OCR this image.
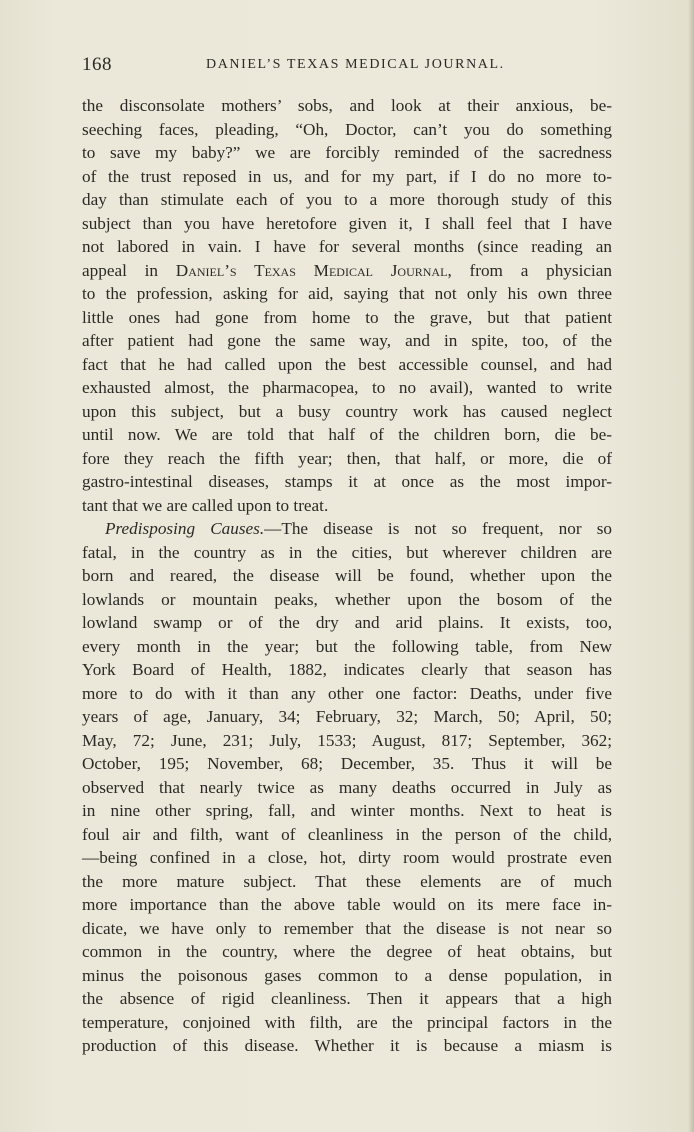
168	DANIEL’S TEXAS MEDICAL JOURNAL.
the disconsolate mothers’ sobs, and look at their anxious, be-
seeching faces, pleading, “Oh, Doctor, can’t you do something
to save my baby?” we are forcibly reminded of the sacredness
of the trust reposed in us, and for my part, if I do no more to-
day than stimulate each of you to a more thorough study of this
subject than you have heretofore given it, I shall feel that I have
not labored in vain. I have for several months (since reading an
appeal in Daniel’s Texas Medical Journal, from a physician
to the profession, asking for aid, saying that not only his own three
little ones had gone from home to the grave, but that patient
after patient had gone the same way, and in spite, too, of the
fact that he had called upon the best accessible counsel, and had
exhausted almost, the pharmacopea, to no avail), wanted to write
upon this subject, but a busy country work has caused neglect
until now. We are told that half of the children born, die be-
fore they reach the fifth year; then, that half, or more, die of
gastro-intestinal diseases, stamps it at once as the most impor-
tant that we are called upon to treat.
Predisposing Causes.—The disease is not so frequent, nor so
fatal, in the country as in the cities, but wherever children are
born and reared, the disease will be found, whether upon the
lowlands or mountain peaks, whether upon the bosom of the
lowland swamp or of the dry and arid plains. It exists, too,
every month in the year; but the following table, from New
York Board of Health, 1882, indicates clearly that season has
more to do with it than any other one factor: Deaths, under five
years of age, January, 34; February, 32; March, 50; April, 50;
May, 72; June, 231; July, 1533; August, 817; September, 362;
October, 195; November, 68; December, 35. Thus it will be
observed that nearly twice as many deaths occurred in July as
in nine other spring, fall, and winter months. Next to heat is
foul air and filth, want of cleanliness in the person of the child,
—being confined in a close, hot, dirty room would prostrate even
the more mature subject. That these elements are of much
more importance than the above table would on its mere face in-
dicate, we have only to remember that the disease is not near so
common in the country, where the degree of heat obtains, but
minus the poisonous gases common to a dense population, in
the absence of rigid cleanliness. Then it appears that a high
temperature, conjoined with filth, are the principal factors in the
production of this disease. Whether it is because a miasm is
